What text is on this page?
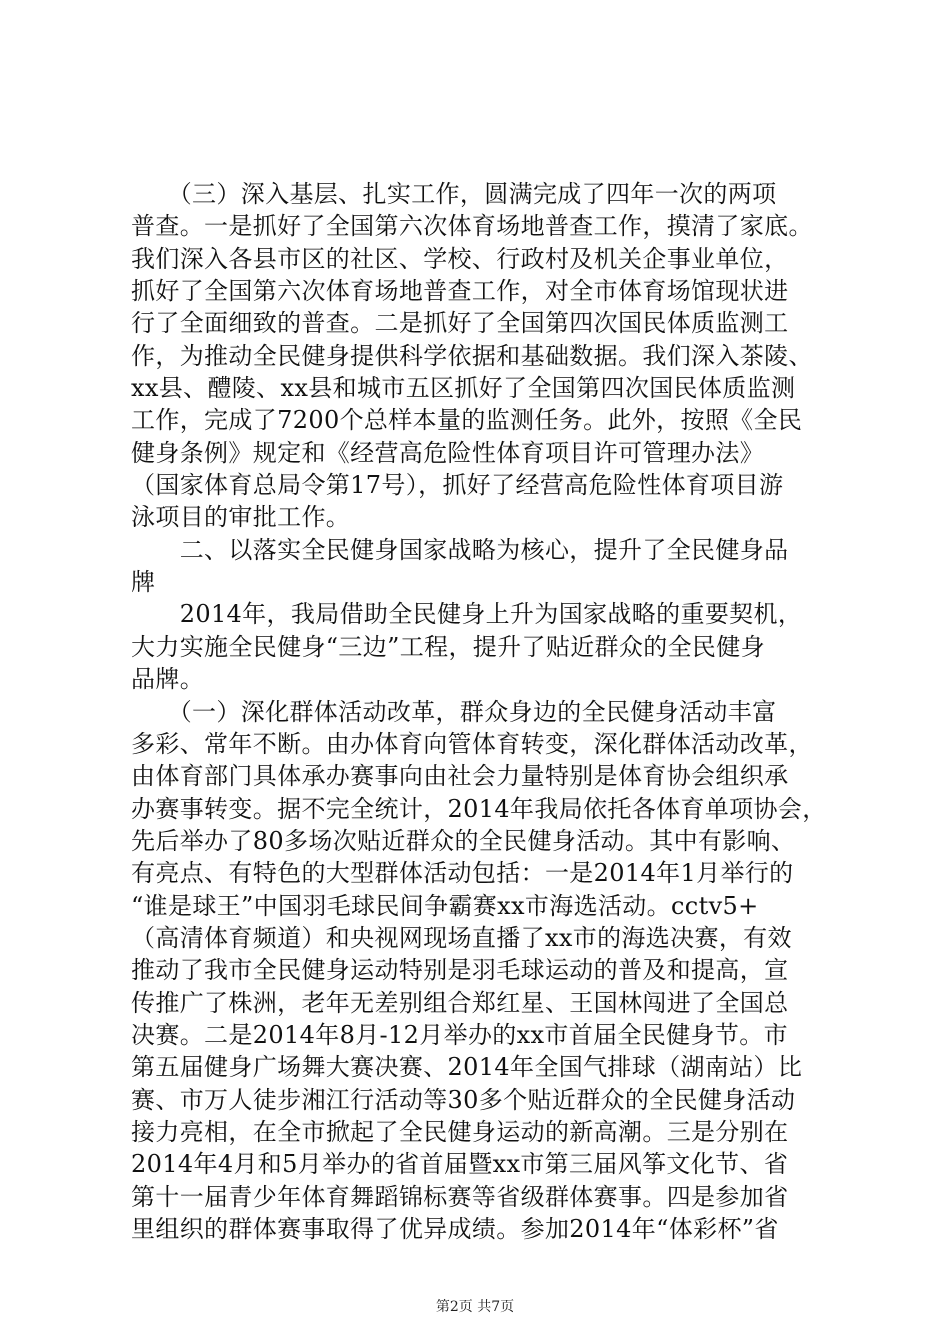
　　（三）深入基层、扎实工作，圆满完成了四年一次的两项
普查。一是抓好了全国第六次体育场地普查工作，摸清了家底。
我们深入各县市区的社区、学校、行政村及机关企事业单位，
抓好了全国第六次体育场地普查工作，对全市体育场馆现状进
行了全面细致的普查。二是抓好了全国第四次国民体质监测工
作，为推动全民健身提供科学依据和基础数据。我们深入茶陵、
xx县、醴陵、xx县和城市五区抓好了全国第四次国民体质监测
工作，完成了7200个总样本量的监测任务。此外，按照《全民
健身条例》规定和《经营高危险性体育项目许可管理办法》
（国家体育总局令第17号），抓好了经营高危险性体育项目游
泳项目的审批工作。
　　二、以落实全民健身国家战略为核心，提升了全民健身品
牌
　　2014年，我局借助全民健身上升为国家战略的重要契机，
大力实施全民健身“三边”工程，提升了贴近群众的全民健身
品牌。
　　（一）深化群体活动改革，群众身边的全民健身活动丰富
多彩、常年不断。由办体育向管体育转变，深化群体活动改革，
由体育部门具体承办赛事向由社会力量特别是体育协会组织承
办赛事转变。据不完全统计，2014年我局依托各体育单项协会，
先后举办了80多场次贴近群众的全民健身活动。其中有影响、
有亮点、有特色的大型群体活动包括：一是2014年1月举行的
“谁是球王”中国羽毛球民间争霸赛xx市海选活动。cctv5+
（高清体育频道）和央视网现场直播了xx市的海选决赛，有效
推动了我市全民健身运动特别是羽毛球运动的普及和提高，宣
传推广了株洲，老年无差别组合郑红星、王国林闯进了全国总
决赛。二是2014年8月-12月举办的xx市首届全民健身节。市
第五届健身广场舞大赛决赛、2014年全国气排球（湖南站）比
赛、市万人徒步湘江行活动等30多个贴近群众的全民健身活动
接力亮相，在全市掀起了全民健身运动的新高潮。三是分别在
2014年4月和5月举办的省首届暨xx市第三届风筝文化节、省
第十一届青少年体育舞蹈锦标赛等省级群体赛事。四是参加省
里组织的群体赛事取得了优异成绩。参加2014年“体彩杯”省
第2页 共7页
